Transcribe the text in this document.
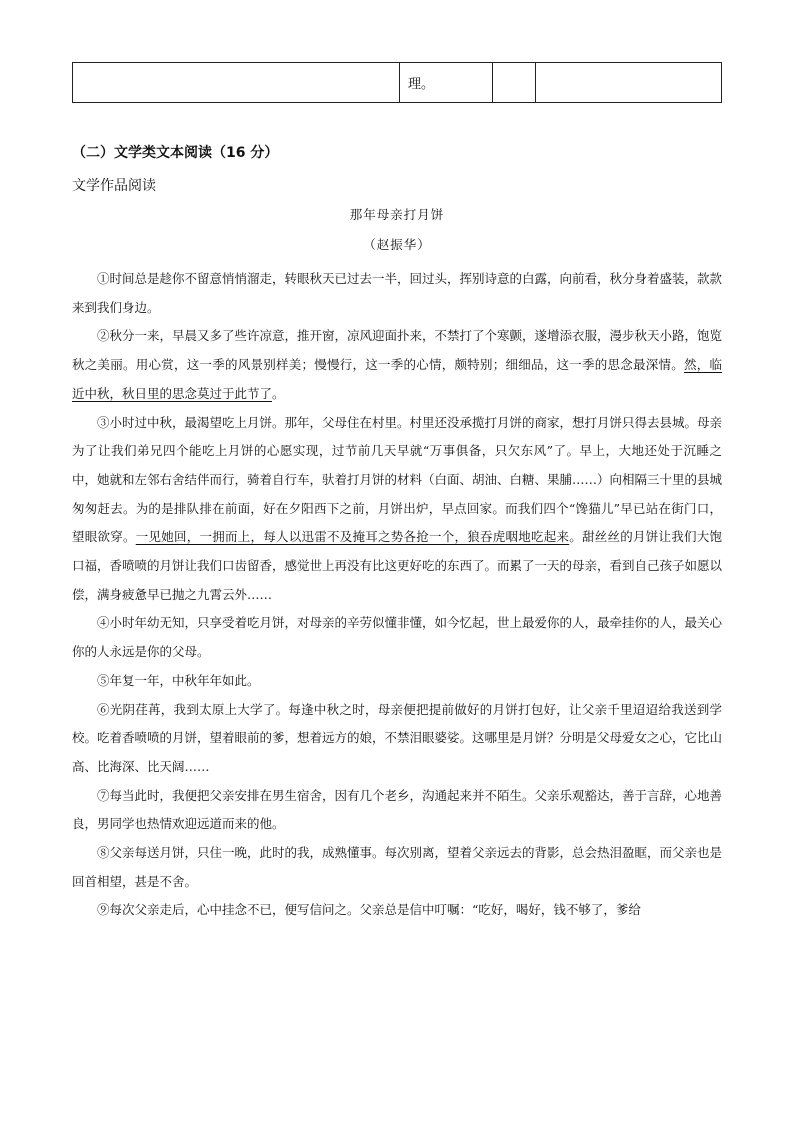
	理。		
（二）文学类文本阅读（16 分）
文学作品阅读
那年母亲打月饼
（赵振华）

①时间总是趁你不留意悄悄溜走，转眼秋天已过去一半，回过头，挥别诗意的白露，向前看，秋分身着盛装，款款来到我们身边。

②秋分一来，早晨又多了些许凉意，推开窗，凉风迎面扑来，不禁打了个寒颤，遂增添衣服，漫步秋天小路，饱览秋之美丽。用心赏，这一季的风景别样美；慢慢行，这一季的心情，颇特别；细细品，这一季的思念最深情。然，临近中秋，秋日里的思念莫过于此节了。

③小时过中秋，最渴望吃上月饼。那年，父母住在村里。村里还没承揽打月饼的商家，想打月饼只得去县城。母亲为了让我们弟兄四个能吃上月饼的心愿实现，过节前几天早就“万事俱备，只欠东风”了。早上，大地还处于沉睡之中，她就和左邻右舍结伴而行，骑着自行车，驮着打月饼的材料（白面、胡油、白糖、果脯……）向相隔三十里的县城匆匆赶去。为的是排队排在前面，好在夕阳西下之前，月饼出炉，早点回家。而我们四个“馋猫儿”早已站在街门口，望眼欲穿。一见她回，一拥而上，每人以迅雷不及掩耳之势各抢一个，狼吞虎咽地吃起来。甜丝丝的月饼让我们大饱口福，香喷喷的月饼让我们口齿留香，感觉世上再没有比这更好吃的东西了。而累了一天的母亲，看到自己孩子如愿以偿，满身疲惫早已抛之九霄云外……

④小时年幼无知，只享受着吃月饼，对母亲的辛劳似懂非懂，如今忆起，世上最爱你的人，最牵挂你的人，最关心你的人永远是你的父母。

⑤年复一年，中秋年年如此。

⑥光阴荏苒，我到太原上大学了。每逢中秋之时，母亲便把提前做好的月饼打包好，让父亲千里迢迢给我送到学校。吃着香喷喷的月饼，望着眼前的爹，想着远方的娘，不禁泪眼婆娑。这哪里是月饼？分明是父母爱女之心，它比山高、比海深、比天阔……

⑦每当此时，我便把父亲安排在男生宿舍，因有几个老乡，沟通起来并不陌生。父亲乐观豁达，善于言辞，心地善良，男同学也热情欢迎远道而来的他。

⑧父亲每送月饼，只住一晚，此时的我，成熟懂事。每次别离，望着父亲远去的背影，总会热泪盈眶，而父亲也是回首相望，甚是不舍。

⑨每次父亲走后，心中挂念不已，便写信问之。父亲总是信中叮嘱：“吃好，喝好，钱不够了，爹给
